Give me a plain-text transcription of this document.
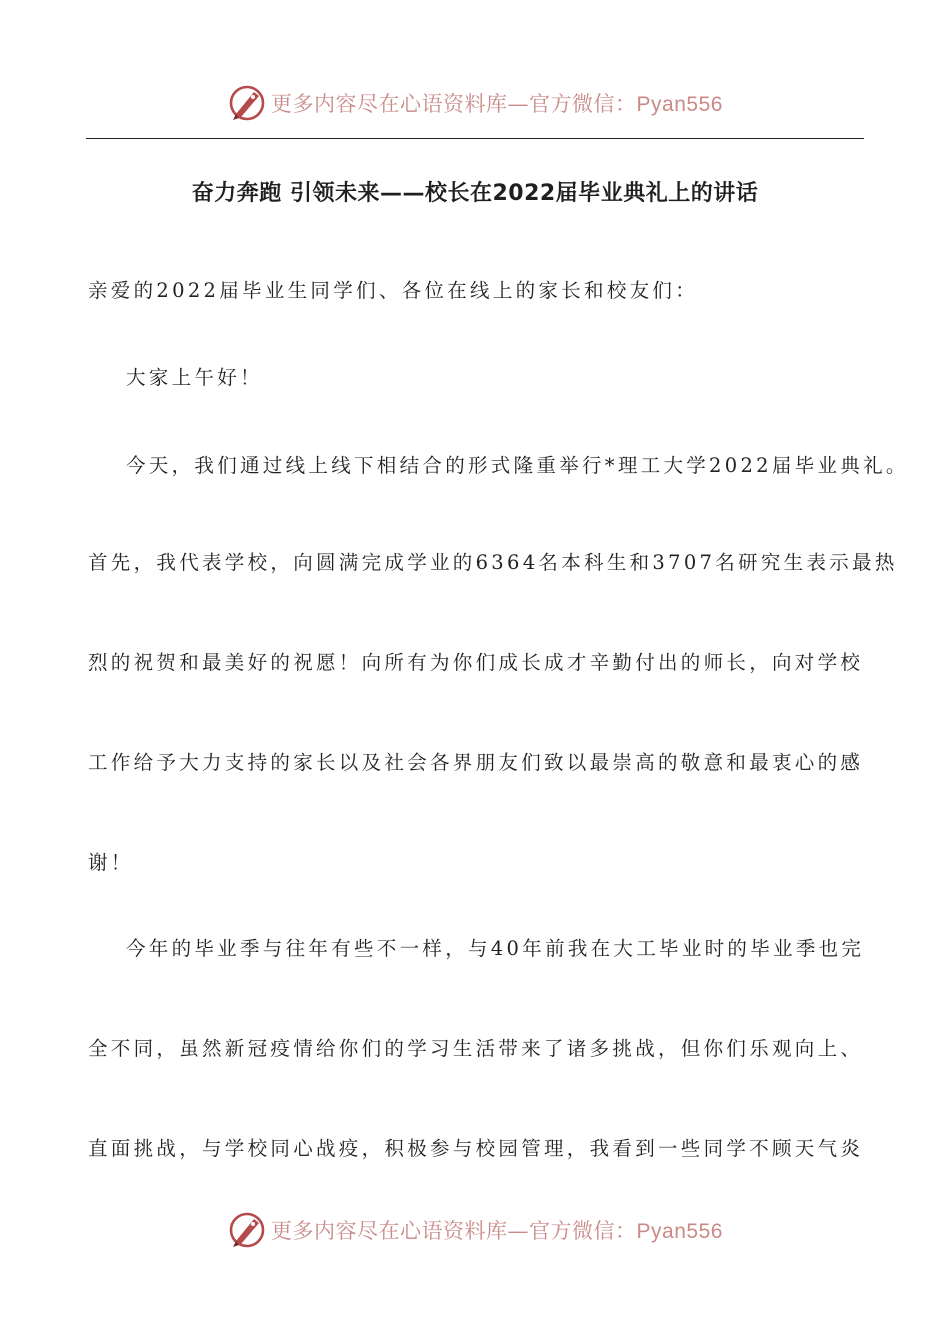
更多内容尽在心语资料库—官方微信：Pyan556
奋力奔跑 引领未来——校长在2022届毕业典礼上的讲话
亲爱的2022届毕业生同学们、各位在线上的家长和校友们：
大家上午好！
今天，我们通过线上线下相结合的形式隆重举行*理工大学2022届毕业典礼。
首先，我代表学校，向圆满完成学业的6364名本科生和3707名研究生表示最热
烈的祝贺和最美好的祝愿！向所有为你们成长成才辛勤付出的师长，向对学校
工作给予大力支持的家长以及社会各界朋友们致以最崇高的敬意和最衷心的感
谢！
今年的毕业季与往年有些不一样，与40年前我在大工毕业时的毕业季也完
全不同，虽然新冠疫情给你们的学习生活带来了诸多挑战，但你们乐观向上、
直面挑战，与学校同心战疫，积极参与校园管理，我看到一些同学不顾天气炎
更多内容尽在心语资料库—官方微信：Pyan556
